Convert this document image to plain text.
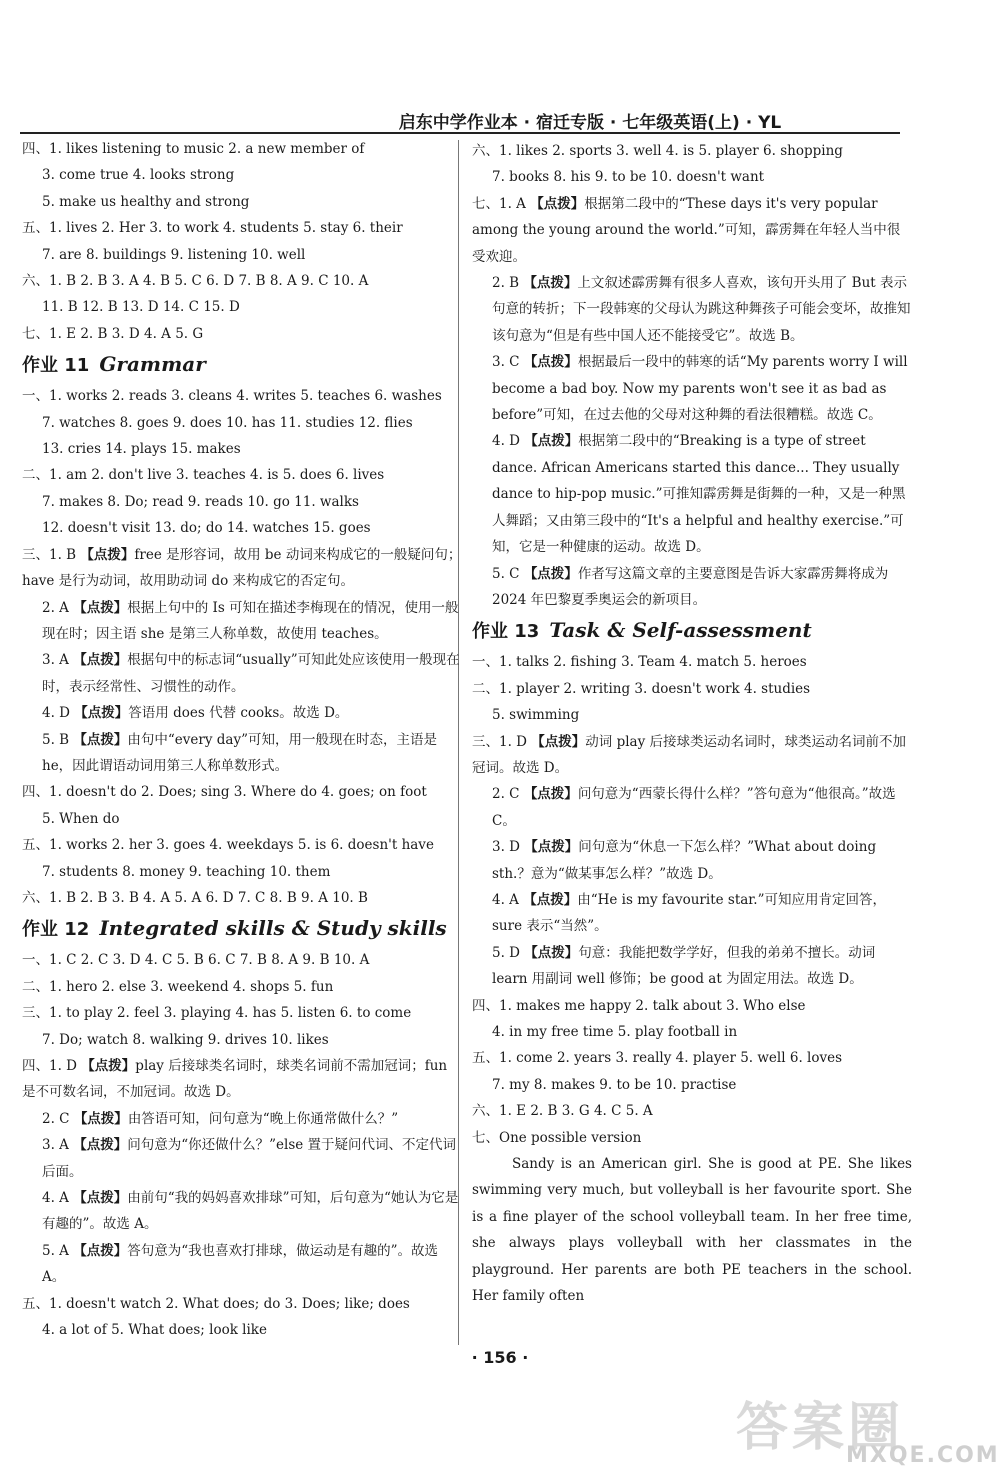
启东中学作业本 · 宿迁专版 · 七年级英语(上) · YL
四、1. likes listening to music 2. a new member of
3. come true 4. looks strong
5. make us healthy and strong
五、1. lives 2. Her 3. to work 4. students 5. stay 6. their
7. are 8. buildings 9. listening 10. well
六、1. B 2. B 3. A 4. B 5. C 6. D 7. B 8. A 9. C 10. A
11. B 12. B 13. D 14. C 15. D
七、1. E 2. B 3. D 4. A 5. G
作业 11 Grammar
一、1. works 2. reads 3. cleans 4. writes 5. teaches 6. washes
7. watches 8. goes 9. does 10. has 11. studies 12. flies
13. cries 14. plays 15. makes
二、1. am 2. don't live 3. teaches 4. is 5. does 6. lives
7. makes 8. Do; read 9. reads 10. go 11. walks
12. doesn't visit 13. do; do 14. watches 15. goes
三、1. B 【点拨】free 是形容词，故用 be 动词来构成它的一般疑问句；have 是行为动词，故用助动词 do 来构成它的否定句。
2. A 【点拨】根据上句中的 Is 可知在描述李梅现在的情况，使用一般现在时；因主语 she 是第三人称单数，故使用 teaches。
3. A 【点拨】根据句中的标志词“usually”可知此处应该使用一般现在时，表示经常性、习惯性的动作。
4. D 【点拨】答语用 does 代替 cooks。故选 D。
5. B 【点拨】由句中“every day”可知，用一般现在时态，主语是 he，因此谓语动词用第三人称单数形式。
四、1. doesn't do 2. Does; sing 3. Where do 4. goes; on foot
5. When do
五、1. works 2. her 3. goes 4. weekdays 5. is 6. doesn't have
7. students 8. money 9. teaching 10. them
六、1. B 2. B 3. B 4. A 5. A 6. D 7. C 8. B 9. A 10. B
作业 12 Integrated skills & Study skills
一、1. C 2. C 3. D 4. C 5. B 6. C 7. B 8. A 9. B 10. A
二、1. hero 2. else 3. weekend 4. shops 5. fun
三、1. to play 2. feel 3. playing 4. has 5. listen 6. to come
7. Do; watch 8. walking 9. drives 10. likes
四、1. D 【点拨】play 后接球类名词时，球类名词前不需加冠词；fun 是不可数名词，不加冠词。故选 D。
2. C 【点拨】由答语可知，问句意为“晚上你通常做什么？”
3. A 【点拨】问句意为“你还做什么？”else 置于疑问代词、不定代词后面。
4. A 【点拨】由前句“我的妈妈喜欢排球”可知，后句意为“她认为它是有趣的”。故选 A。
5. A 【点拨】答句意为“我也喜欢打排球，做运动是有趣的”。故选 A。
五、1. doesn't watch 2. What does; do 3. Does; like; does
4. a lot of 5. What does; look like
六、1. likes 2. sports 3. well 4. is 5. player 6. shopping
7. books 8. his 9. to be 10. doesn't want
七、1. A 【点拨】根据第二段中的“These days it's very popular among the young around the world.”可知，霹雳舞在年轻人当中很受欢迎。
2. B 【点拨】上文叙述霹雳舞有很多人喜欢，该句开头用了 But 表示句意的转折；下一段韩寒的父母认为跳这种舞孩子可能会变坏，故推知该句意为“但是有些中国人还不能接受它”。故选 B。
3. C 【点拨】根据最后一段中的韩寒的话“My parents worry I will become a bad boy. Now my parents won't see it as bad as before”可知，在过去他的父母对这种舞的看法很糟糕。故选 C。
4. D 【点拨】根据第二段中的“Breaking is a type of street dance. African Americans started this dance... They usually dance to hip-pop music.”可推知霹雳舞是街舞的一种，又是一种黑人舞蹈；又由第三段中的“It's a helpful and healthy exercise.”可知，它是一种健康的运动。故选 D。
5. C 【点拨】作者写这篇文章的主要意图是告诉大家霹雳舞将成为 2024 年巴黎夏季奥运会的新项目。
作业 13 Task & Self-assessment
一、1. talks 2. fishing 3. Team 4. match 5. heroes
二、1. player 2. writing 3. doesn't work 4. studies
5. swimming
三、1. D 【点拨】动词 play 后接球类运动名词时，球类运动名词前不加冠词。故选 D。
2. C 【点拨】问句意为“西蒙长得什么样？”答句意为“他很高。”故选 C。
3. D 【点拨】问句意为“休息一下怎么样？”What about doing sth.？意为“做某事怎么样？”故选 D。
4. A 【点拨】由“He is my favourite star.”可知应用肯定回答，sure 表示“当然”。
5. D 【点拨】句意：我能把数学学好，但我的弟弟不擅长。动词 learn 用副词 well 修饰；be good at 为固定用法。故选 D。
四、1. makes me happy 2. talk about 3. Who else
4. in my free time 5. play football in
五、1. come 2. years 3. really 4. player 5. well 6. loves
7. my 8. makes 9. to be 10. practise
六、1. E 2. B 3. G 4. C 5. A
七、One possible version
Sandy is an American girl. She is good at PE. She likes swimming very much, but volleyball is her favourite sport. She is a fine player of the school volleyball team. In her free time, she always plays volleyball with her classmates in the playground. Her parents are both PE teachers in the school. Her family often
· 156 ·
答案圈
MXQE.COM
